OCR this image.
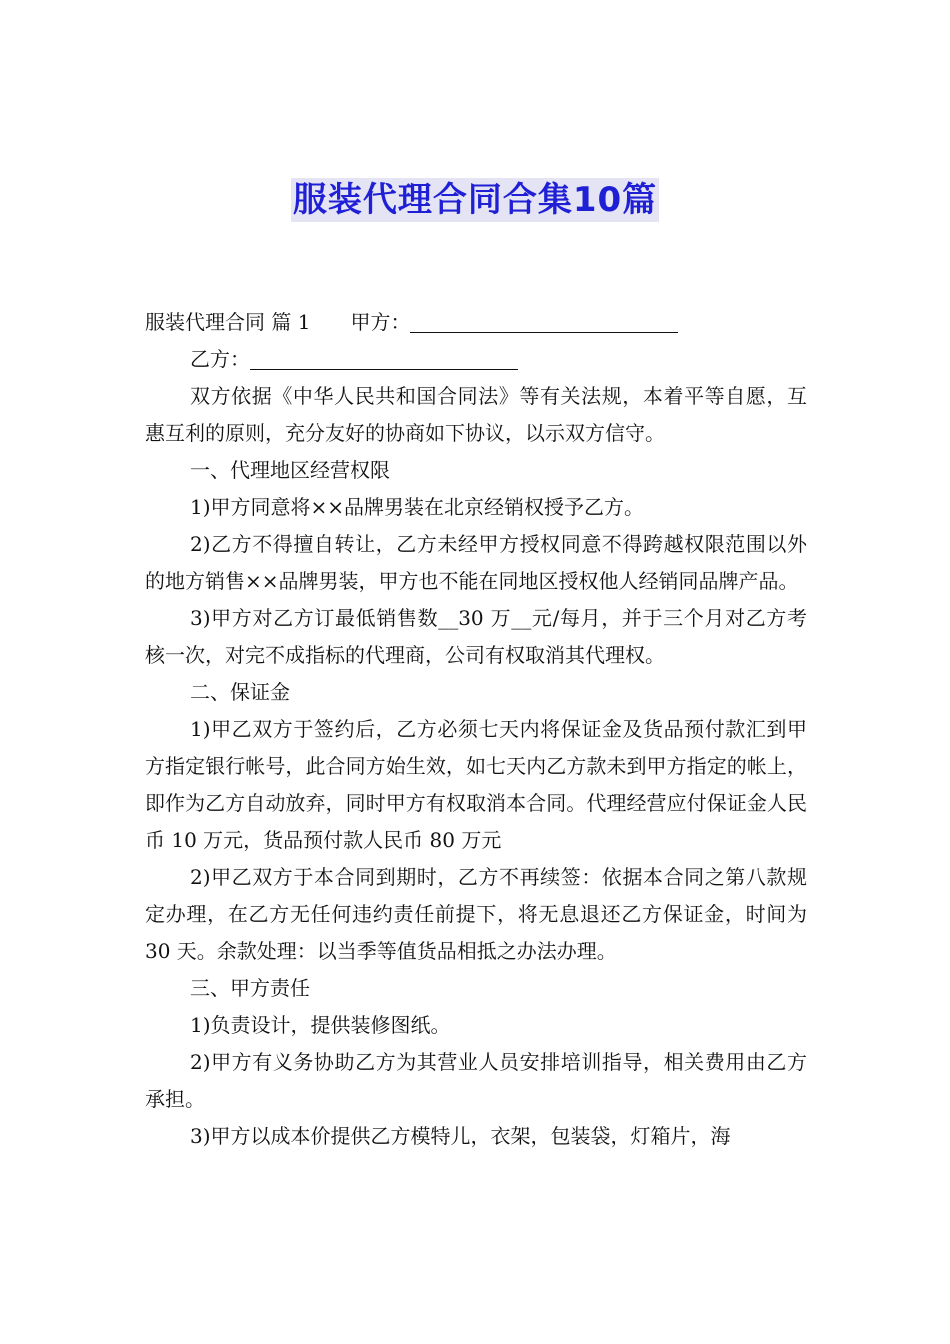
服装代理合同合集10篇

服装代理合同 篇 1 甲方：

乙方：

双方依据《中华人民共和国合同法》等有关法规，本着平等自愿，互惠互利的原则，充分友好的协商如下协议，以示双方信守。

一、代理地区经营权限

1)甲方同意将××品牌男装在北京经销权授予乙方。

2)乙方不得擅自转让，乙方未经甲方授权同意不得跨越权限范围以外的地方销售××品牌男装，甲方也不能在同地区授权他人经销同品牌产品。

3)甲方对乙方订最低销售数__30 万__元/每月，并于三个月对乙方考核一次，对完不成指标的代理商，公司有权取消其代理权。

二、保证金

1)甲乙双方于签约后，乙方必须七天内将保证金及货品预付款汇到甲方指定银行帐号，此合同方始生效，如七天内乙方款未到甲方指定的帐上，即作为乙方自动放弃，同时甲方有权取消本合同。代理经营应付保证金人民币 10 万元，货品预付款人民币 80 万元

2)甲乙双方于本合同到期时，乙方不再续签：依据本合同之第八款规定办理，在乙方无任何违约责任前提下，将无息退还乙方保证金，时间为 30 天。余款处理：以当季等值货品相抵之办法办理。

三、甲方责任

1)负责设计，提供装修图纸。

2)甲方有义务协助乙方为其营业人员安排培训指导，相关费用由乙方承担。

3)甲方以成本价提供乙方模特儿，衣架，包装袋，灯箱片，海
